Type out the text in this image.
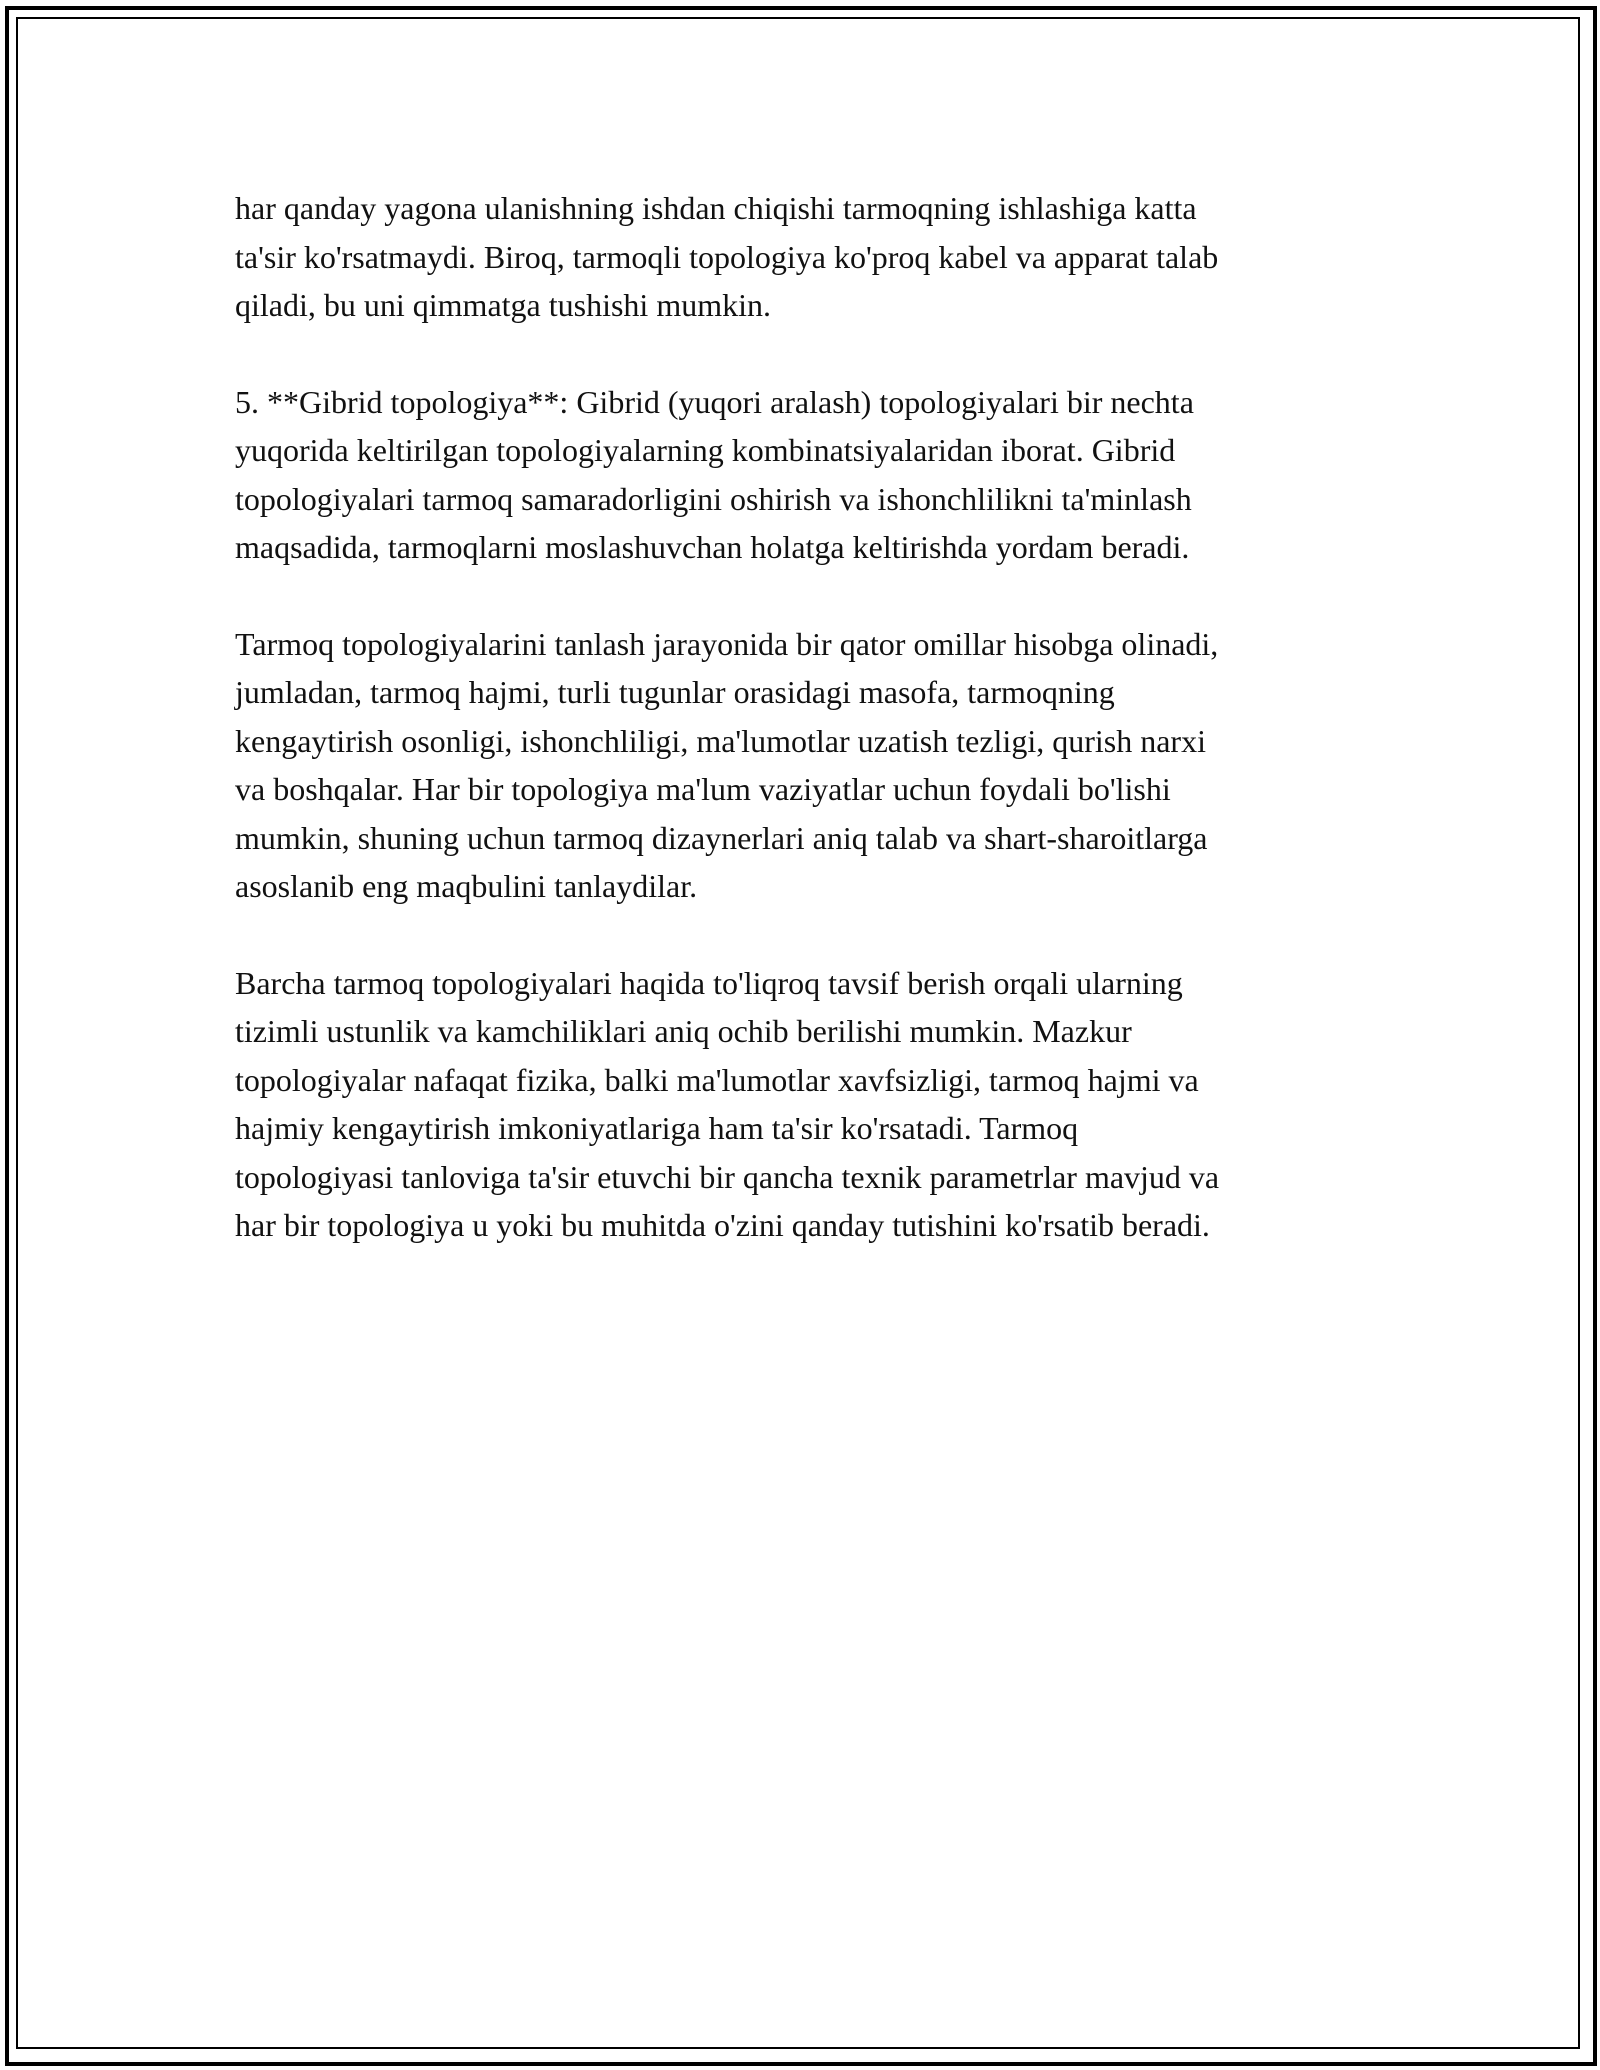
har qanday yagona ulanishning ishdan chiqishi tarmoqning ishlashiga katta
ta'sir ko'rsatmaydi. Biroq, tarmoqli topologiya ko'proq kabel va apparat talab
qiladi, bu uni qimmatga tushishi mumkin.

5. **Gibrid topologiya**: Gibrid (yuqori aralash) topologiyalari bir nechta
yuqorida keltirilgan topologiyalarning kombinatsiyalaridan iborat. Gibrid
topologiyalari tarmoq samaradorligini oshirish va ishonchlilikni ta'minlash
maqsadida, tarmoqlarni moslashuvchan holatga keltirishda yordam beradi.

Tarmoq topologiyalarini tanlash jarayonida bir qator omillar hisobga olinadi,
jumladan, tarmoq hajmi, turli tugunlar orasidagi masofa, tarmoqning
kengaytirish osonligi, ishonchliligi, ma'lumotlar uzatish tezligi, qurish narxi
va boshqalar. Har bir topologiya ma'lum vaziyatlar uchun foydali bo'lishi
mumkin, shuning uchun tarmoq dizaynerlari aniq talab va shart-sharoitlarga
asoslanib eng maqbulini tanlaydilar.

Barcha tarmoq topologiyalari haqida to'liqroq tavsif berish orqali ularning
tizimli ustunlik va kamchiliklari aniq ochib berilishi mumkin. Mazkur
topologiyalar nafaqat fizika, balki ma'lumotlar xavfsizligi, tarmoq hajmi va
hajmiy kengaytirish imkoniyatlariga ham ta'sir ko'rsatadi. Tarmoq
topologiyasi tanloviga ta'sir etuvchi bir qancha texnik parametrlar mavjud va
har bir topologiya u yoki bu muhitda o'zini qanday tutishini ko'rsatib beradi.
